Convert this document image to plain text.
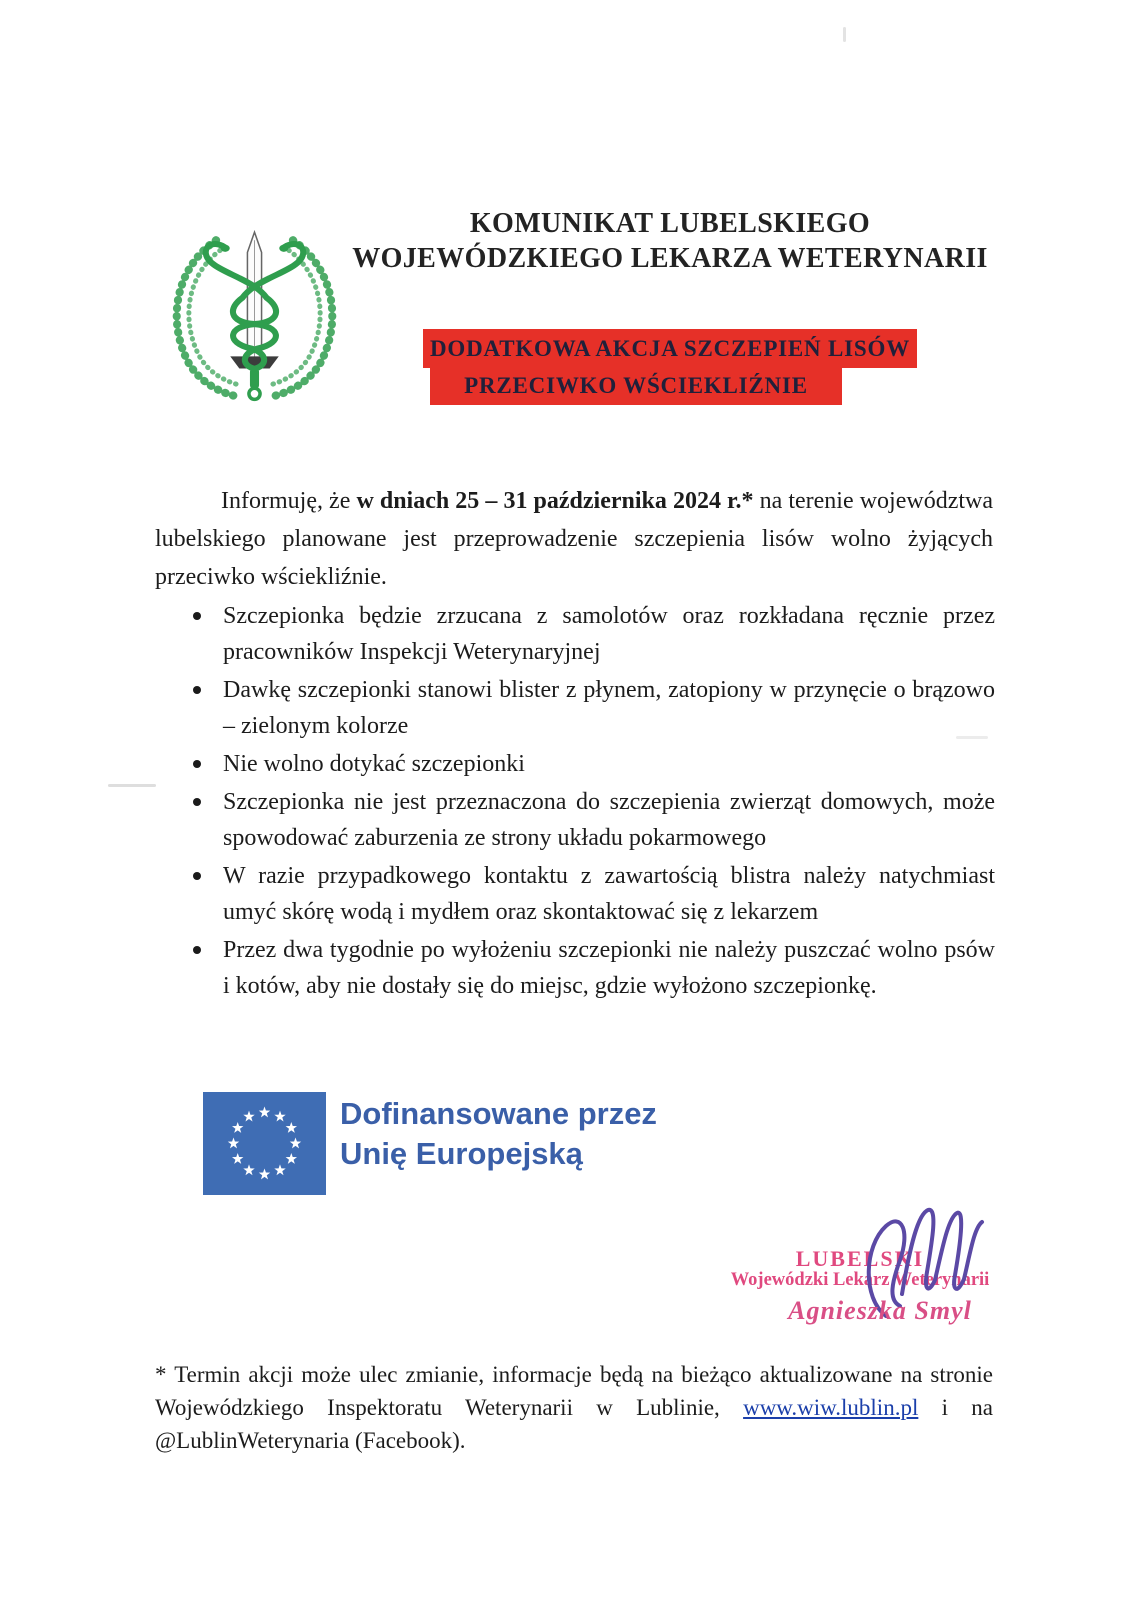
KOMUNIKAT LUBELSKIEGO
WOJEWÓDZKIEGO LEKARZA WETERYNARII
DODATKOWA AKCJA SZCZEPIEŃ LISÓW
PRZECIWKO WŚCIEKLIŹNIE

Informuję, że w dniach 25 – 31 października 2024 r.* na terenie województwa lubelskiego planowane jest przeprowadzenie szczepienia lisów wolno żyjących przeciwko wściekliźnie.

Szczepionka będzie zrzucana z samolotów oraz rozkładana ręcznie przez pracowników Inspekcji Weterynaryjnej
Dawkę szczepionki stanowi blister z płynem, zatopiony w przynęcie o brązowo – zielonym kolorze
Nie wolno dotykać szczepionki
Szczepionka nie jest przeznaczona do szczepienia zwierząt domowych, może spowodować zaburzenia ze strony układu pokarmowego
W razie przypadkowego kontaktu z zawartością blistra należy natychmiast umyć skórę wodą i mydłem oraz skontaktować się z lekarzem
Przez dwa tygodnie po wyłożeniu szczepionki nie należy puszczać wolno psów i kotów, aby nie dostały się do miejsc, gdzie wyłożono szczepionkę.
Dofinansowane przez
Unię Europejską
LUBELSKI
Wojewódzki Lekarz Weterynarii
Agnieszka Smyl

* Termin akcji może ulec zmianie, informacje będą na bieżąco aktualizowane na stronie Wojewódzkiego Inspektoratu Weterynarii w Lublinie, www.wiw.lublin.pl i na @LublinWeterynaria (Facebook).
